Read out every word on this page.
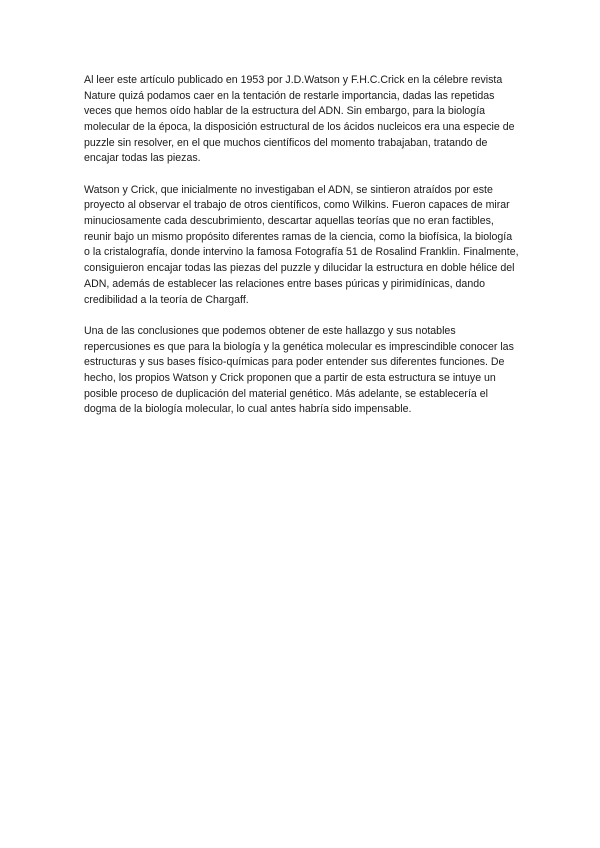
Al leer este artículo publicado en 1953 por J.D.Watson y F.H.C.Crick en la célebre revista
Nature quizá podamos caer en la tentación de restarle importancia, dadas las repetidas
veces que hemos oído hablar de la estructura del ADN. Sin embargo, para la biología
molecular de la época, la disposición estructural de los ácidos nucleicos era una especie de
puzzle sin resolver, en el que muchos científicos del momento trabajaban, tratando de
encajar todas las piezas.

Watson y Crick, que inicialmente no investigaban el ADN, se sintieron atraídos por este
proyecto al observar el trabajo de otros científicos, como Wilkins. Fueron capaces de mirar
minuciosamente cada descubrimiento, descartar aquellas teorías que no eran factibles,
reunir bajo un mismo propósito diferentes ramas de la ciencia, como la biofísica, la biología
o la cristalografía, donde intervino la famosa Fotografía 51 de Rosalind Franklin. Finalmente,
consiguieron encajar todas las piezas del puzzle y dilucidar la estructura en doble hélice del
ADN, además de establecer las relaciones entre bases púricas y pirimidínicas, dando
credibilidad a la teoría de Chargaff.

Una de las conclusiones que podemos obtener de este hallazgo y sus notables
repercusiones es que para la biología y la genética molecular es imprescindible conocer las
estructuras y sus bases físico-químicas para poder entender sus diferentes funciones. De
hecho, los propios Watson y Crick proponen que a partir de esta estructura se intuye un
posible proceso de duplicación del material genético. Más adelante, se establecería el
dogma de la biología molecular, lo cual antes habría sido impensable.
